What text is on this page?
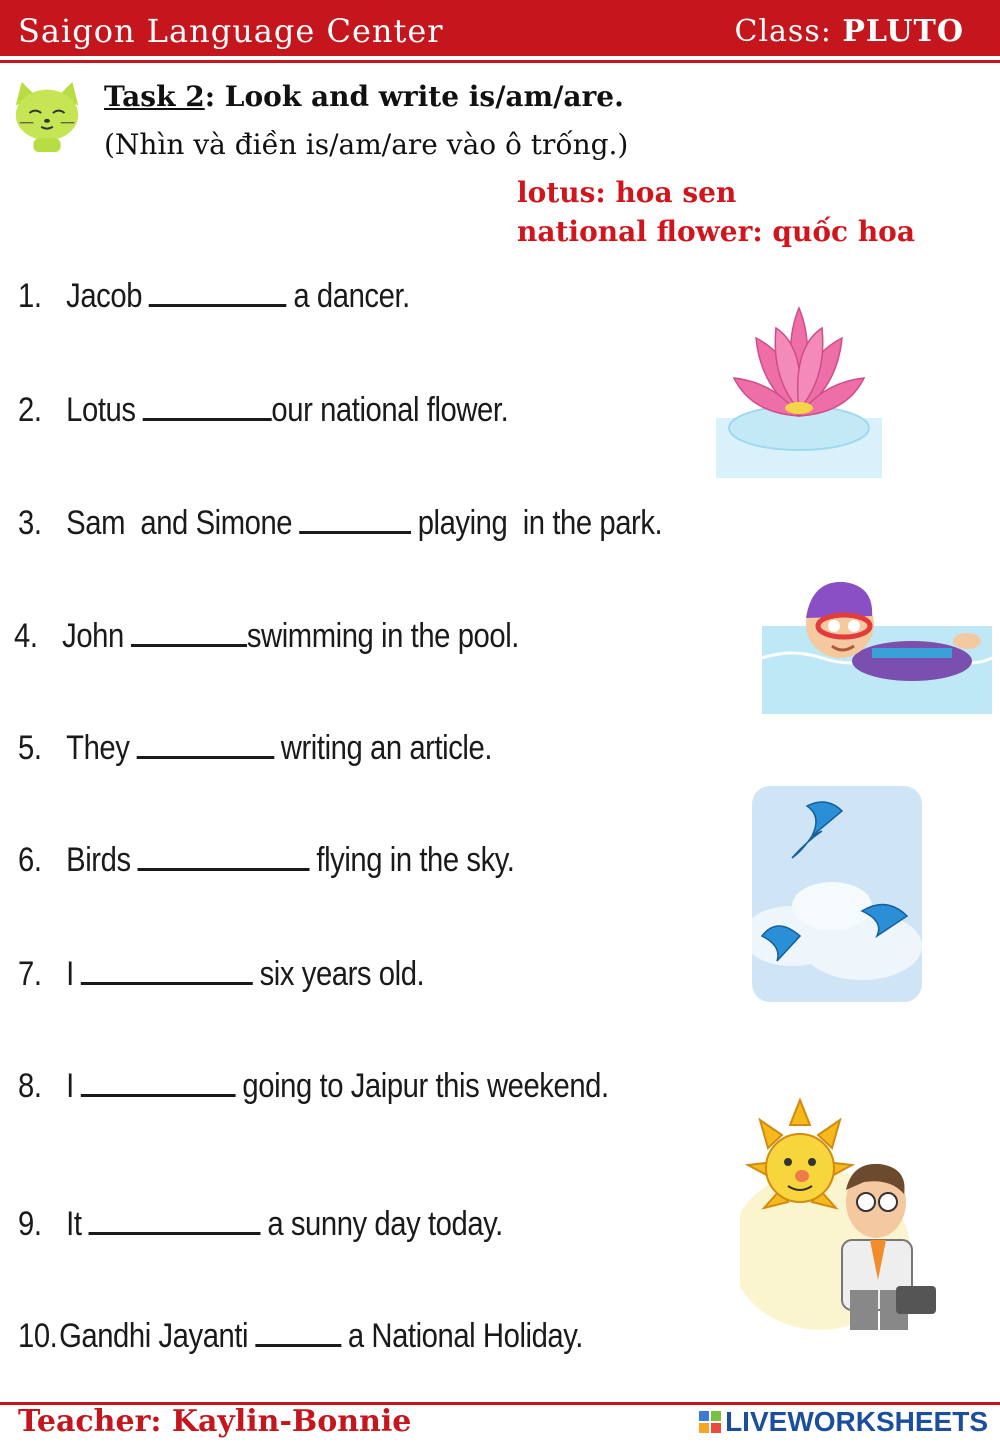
Saigon Language Center	Class: PLUTO
Task 2: Look and write is/am/are.
(Nhìn và điền is/am/are vào ô trống.)
lotus: hoa sen
national flower: quốc hoa
1. Jacob	a dancer.
2. Lotus	our national flower.
3. Sam  and Simone	playing  in the park.
4. John	swimming in the pool.
5. They	writing an article.
6. Birds	flying in the sky.
7. I	six years old.
8. I	going to Jaipur this weekend.
9. It	a sunny day today.
10.Gandhi Jayanti	a National Holiday.
Teacher: Kaylin-Bonnie	LIVEWORKSHEETS
